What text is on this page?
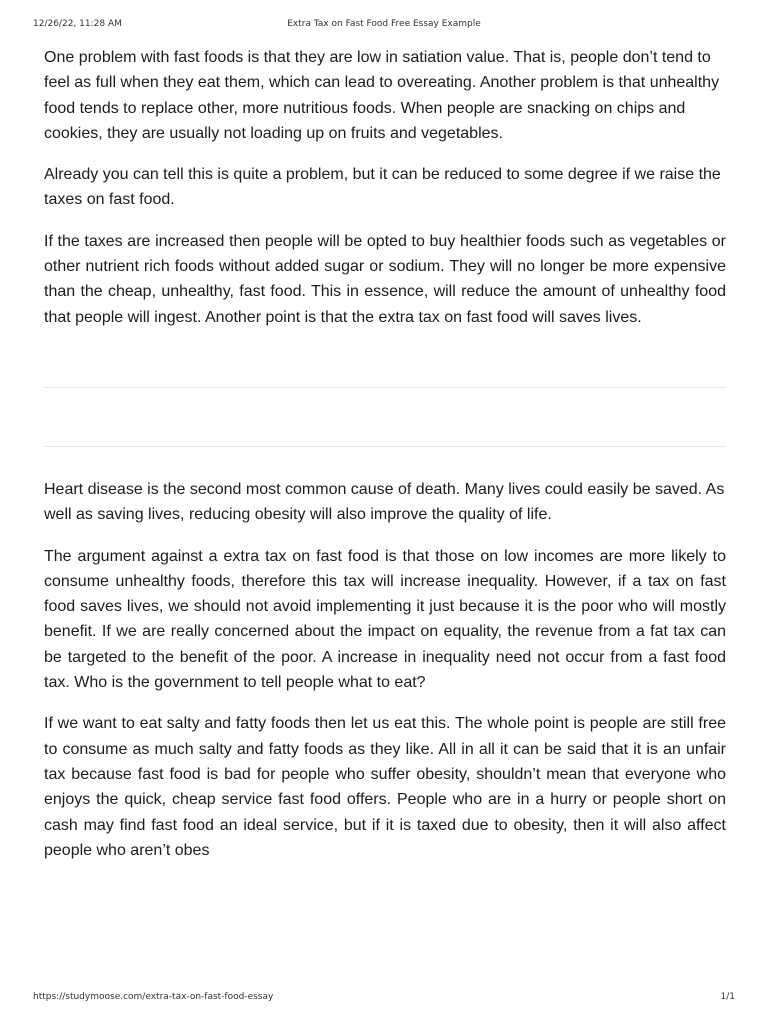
12/26/22, 11:28 AM	Extra Tax on Fast Food Free Essay Example

One problem with fast foods is that they are low in satiation value. That is, people don’t tend to feel as full when they eat them, which can lead to overeating. Another problem is that unhealthy food tends to replace other, more nutritious foods. When people are snacking on chips and cookies, they are usually not loading up on fruits and vegetables.

Already you can tell this is quite a problem, but it can be reduced to some degree if we raise the taxes on fast food.

If the taxes are increased then people will be opted to buy healthier foods such as vegetables or other nutrient rich foods without added sugar or sodium. They will no longer be more expensive than the cheap, unhealthy, fast food. This in essence, will reduce the amount of unhealthy food that people will ingest. Another point is that the extra tax on fast food will saves lives.

Heart disease is the second most common cause of death. Many lives could easily be saved. As well as saving lives, reducing obesity will also improve the quality of life.

The argument against a extra tax on fast food is that those on low incomes are more likely to consume unhealthy foods, therefore this tax will increase inequality. However, if a tax on fast food saves lives, we should not avoid implementing it just because it is the poor who will mostly benefit. If we are really concerned about the impact on equality, the revenue from a fat tax can be targeted to the benefit of the poor. A increase in inequality need not occur from a fast food tax. Who is the government to tell people what to eat?

If we want to eat salty and fatty foods then let us eat this. The whole point is people are still free to consume as much salty and fatty foods as they like. All in all it can be said that it is an unfair tax because fast food is bad for people who suffer obesity, shouldn’t mean that everyone who enjoys the quick, cheap service fast food offers. People who are in a hurry or people short on cash may find fast food an ideal service, but if it is taxed due to obesity, then it will also affect people who aren’t obes

https://studymoose.com/extra-tax-on-fast-food-essay	1/1
